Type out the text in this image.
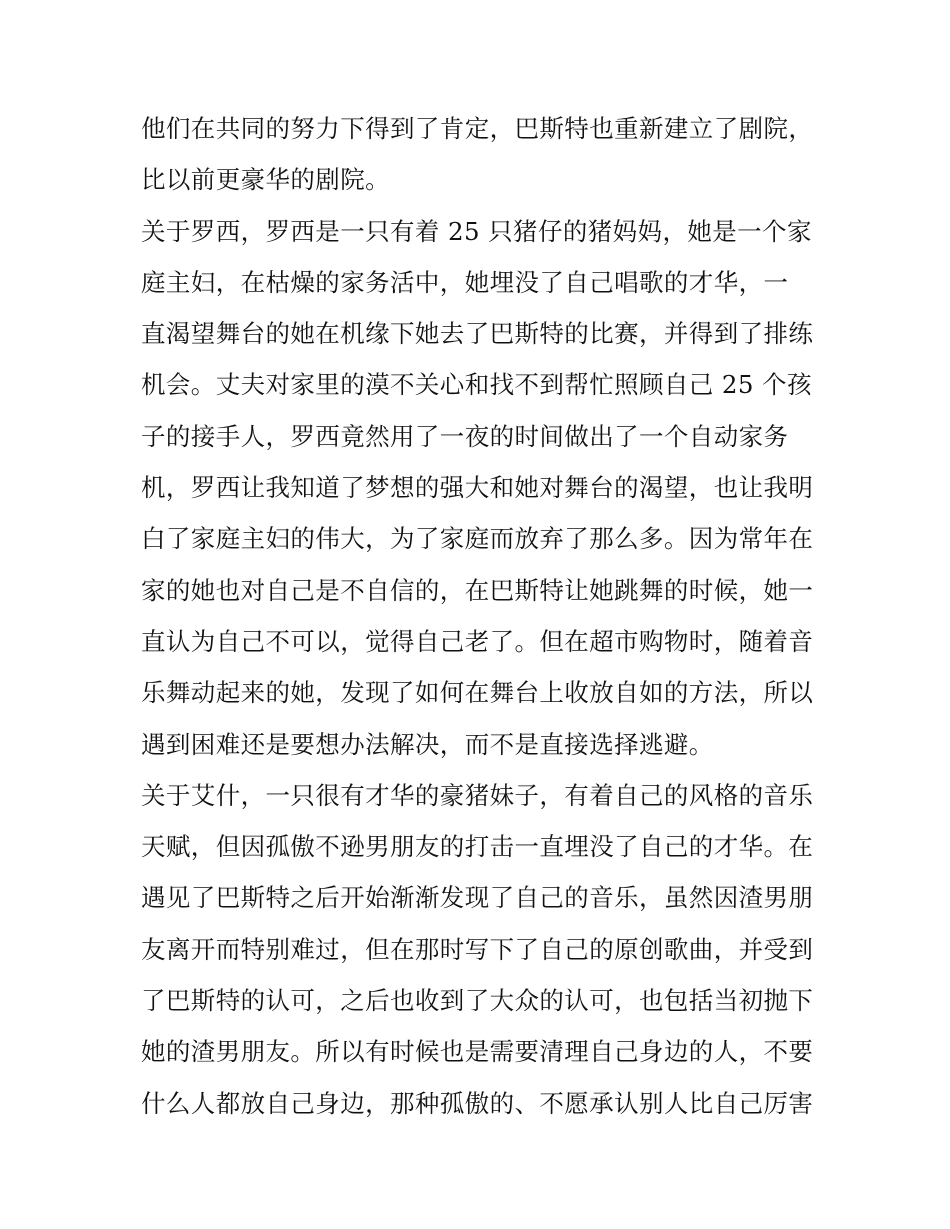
他们在共同的努力下得到了肯定，巴斯特也重新建立了剧院，
比以前更豪华的剧院。
关于罗西，罗西是一只有着 25 只猪仔的猪妈妈，她是一个家
庭主妇，在枯燥的家务活中，她埋没了自己唱歌的才华，一
直渴望舞台的她在机缘下她去了巴斯特的比赛，并得到了排练
机会。丈夫对家里的漠不关心和找不到帮忙照顾自己 25 个孩
子的接手人，罗西竟然用了一夜的时间做出了一个自动家务
机，罗西让我知道了梦想的强大和她对舞台的渴望，也让我明
白了家庭主妇的伟大，为了家庭而放弃了那么多。因为常年在
家的她也对自己是不自信的，在巴斯特让她跳舞的时候，她一
直认为自己不可以，觉得自己老了。但在超市购物时，随着音
乐舞动起来的她，发现了如何在舞台上收放自如的方法，所以
遇到困难还是要想办法解决，而不是直接选择逃避。
关于艾什，一只很有才华的豪猪妹子，有着自己的风格的音乐
天赋，但因孤傲不逊男朋友的打击一直埋没了自己的才华。在
遇见了巴斯特之后开始渐渐发现了自己的音乐，虽然因渣男朋
友离开而特别难过，但在那时写下了自己的原创歌曲，并受到
了巴斯特的认可，之后也收到了大众的认可，也包括当初抛下
她的渣男朋友。所以有时候也是需要清理自己身边的人，不要
什么人都放自己身边，那种孤傲的、不愿承认别人比自己厉害
